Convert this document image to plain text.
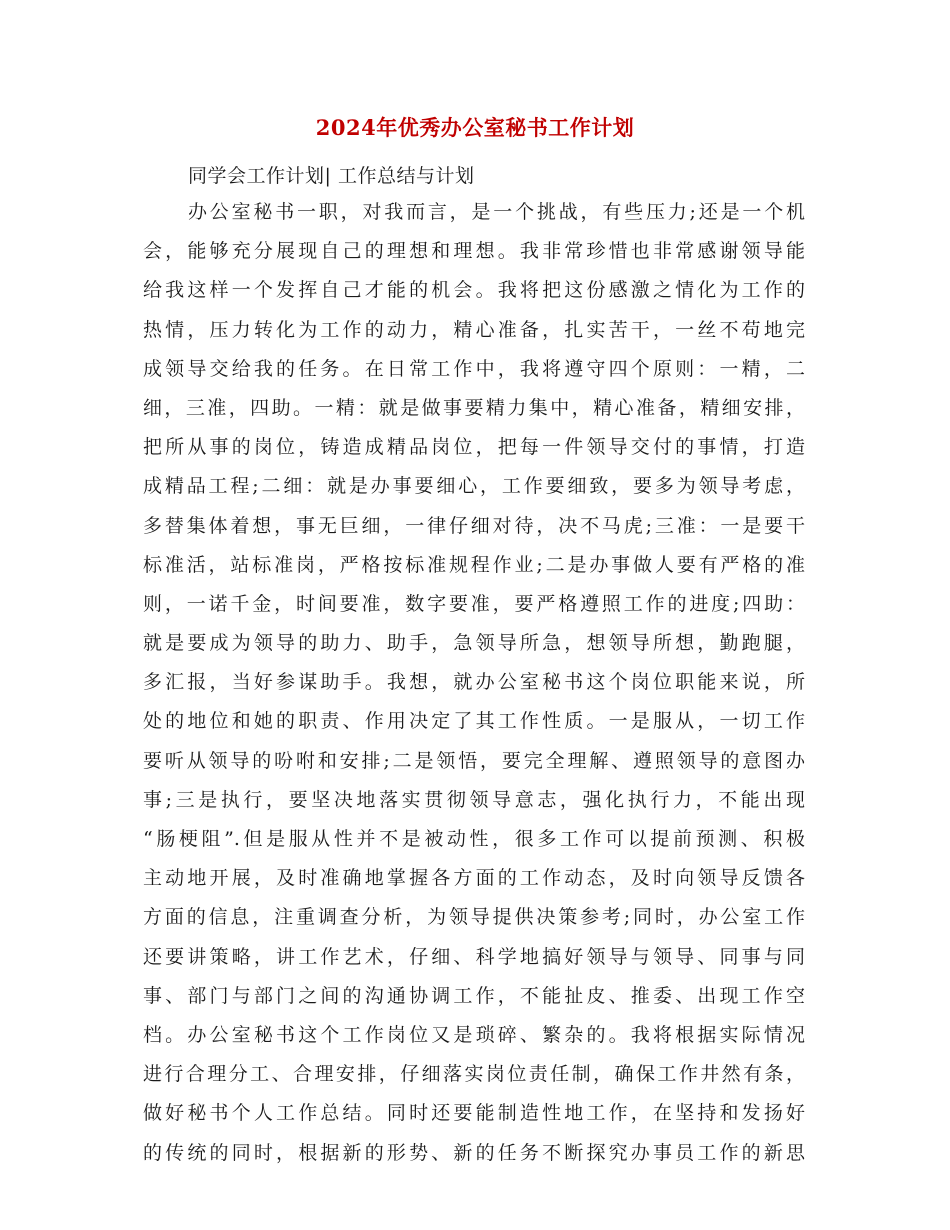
2024年优秀办公室秘书工作计划
同学会工作计划| 工作总结与计划
办公室秘书一职，对我而言，是一个挑战，有些压力;还是一个机
会，能够充分展现自己的理想和理想。我非常珍惜也非常感谢领导能
给我这样一个发挥自己才能的机会。我将把这份感激之情化为工作的
热情，压力转化为工作的动力，精心准备，扎实苦干，一丝不苟地完
成领导交给我的任务。在日常工作中，我将遵守四个原则：一精，二
细，三准，四助。一精：就是做事要精力集中，精心准备，精细安排，
把所从事的岗位，铸造成精品岗位，把每一件领导交付的事情，打造
成精品工程;二细：就是办事要细心，工作要细致，要多为领导考虑，
多替集体着想，事无巨细，一律仔细对待，决不马虎;三准：一是要干
标准活，站标准岗，严格按标准规程作业;二是办事做人要有严格的准
则，一诺千金，时间要准，数字要准，要严格遵照工作的进度;四助：
就是要成为领导的助力、助手，急领导所急，想领导所想，勤跑腿，
多汇报，当好参谋助手。我想，就办公室秘书这个岗位职能来说，所
处的地位和她的职责、作用决定了其工作性质。一是服从，一切工作
要听从领导的吩咐和安排;二是领悟，要完全理解、遵照领导的意图办
事;三是执行，要坚决地落实贯彻领导意志，强化执行力，不能出现
“肠梗阻”.但是服从性并不是被动性，很多工作可以提前预测、积极
主动地开展，及时准确地掌握各方面的工作动态，及时向领导反馈各
方面的信息，注重调查分析，为领导提供决策参考;同时，办公室工作
还要讲策略，讲工作艺术，仔细、科学地搞好领导与领导、同事与同
事、部门与部门之间的沟通协调工作，不能扯皮、推委、出现工作空
档。办公室秘书这个工作岗位又是琐碎、繁杂的。我将根据实际情况
进行合理分工、合理安排，仔细落实岗位责任制，确保工作井然有条，
做好秘书个人工作总结。同时还要能制造性地工作，在坚持和发扬好
的传统的同时，根据新的形势、新的任务不断探究办事员工作的新思
